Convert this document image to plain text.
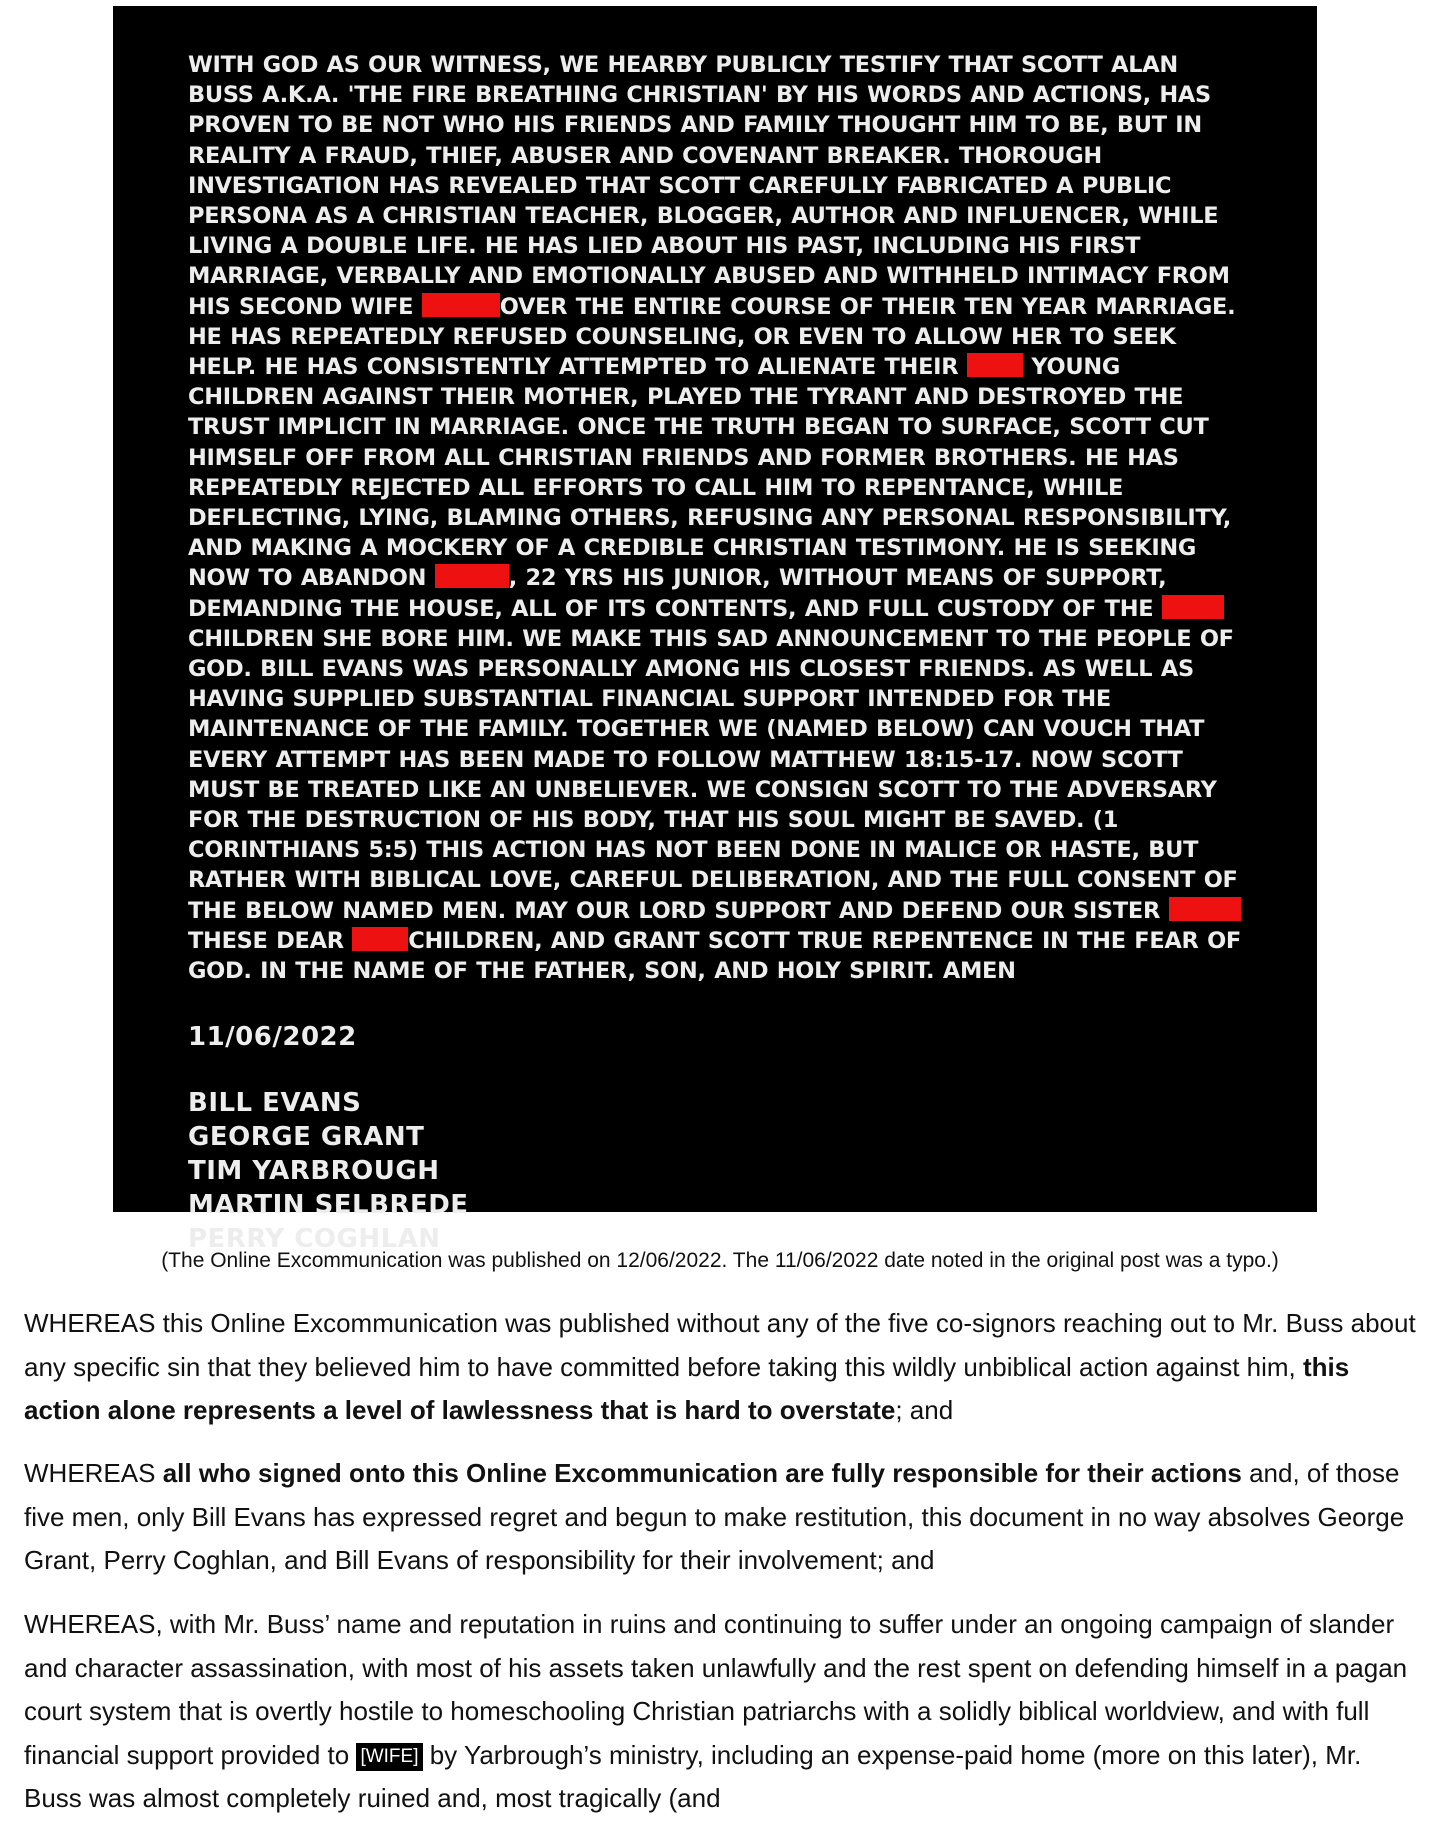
WITH GOD AS OUR WITNESS, WE HEARBY PUBLICLY TESTIFY THAT SCOTT ALAN BUSS A.K.A. 'THE FIRE BREATHING CHRISTIAN' BY HIS WORDS AND ACTIONS, HAS PROVEN TO BE NOT WHO HIS FRIENDS AND FAMILY THOUGHT HIM TO BE, BUT IN REALITY A FRAUD, THIEF, ABUSER AND COVENANT BREAKER. THOROUGH INVESTIGATION HAS REVEALED THAT SCOTT CAREFULLY FABRICATED A PUBLIC PERSONA AS A CHRISTIAN TEACHER, BLOGGER, AUTHOR AND INFLUENCER, WHILE LIVING A DOUBLE LIFE. HE HAS LIED ABOUT HIS PAST, INCLUDING HIS FIRST MARRIAGE, VERBALLY AND EMOTIONALLY ABUSED AND WITHHELD INTIMACY FROM HIS SECOND WIFE	OVER THE ENTIRE COURSE OF THEIR TEN YEAR MARRIAGE. HE HAS REPEATEDLY REFUSED COUNSELING, OR EVEN TO ALLOW HER TO SEEK HELP. HE HAS CONSISTENTLY ATTEMPTED TO ALIENATE THEIR	YOUNG CHILDREN AGAINST THEIR MOTHER, PLAYED THE TYRANT AND DESTROYED THE TRUST IMPLICIT IN MARRIAGE. ONCE THE TRUTH BEGAN TO SURFACE, SCOTT CUT HIMSELF OFF FROM ALL CHRISTIAN FRIENDS AND FORMER BROTHERS. HE HAS REPEATEDLY REJECTED ALL EFFORTS TO CALL HIM TO REPENTANCE, WHILE DEFLECTING, LYING, BLAMING OTHERS, REFUSING ANY PERSONAL RESPONSIBILITY, AND MAKING A MOCKERY OF A CREDIBLE CHRISTIAN TESTIMONY. HE IS SEEKING NOW TO ABANDON	, 22 YRS HIS JUNIOR, WITHOUT MEANS OF SUPPORT, DEMANDING THE HOUSE, ALL OF ITS CONTENTS, AND FULL CUSTODY OF THE CHILDREN SHE BORE HIM. WE MAKE THIS SAD ANNOUNCEMENT TO THE PEOPLE OF GOD. BILL EVANS WAS PERSONALLY AMONG HIS CLOSEST FRIENDS. AS WELL AS HAVING SUPPLIED SUBSTANTIAL FINANCIAL SUPPORT INTENDED FOR THE MAINTENANCE OF THE FAMILY. TOGETHER WE (NAMED BELOW) CAN VOUCH THAT EVERY ATTEMPT HAS BEEN MADE TO FOLLOW MATTHEW 18:15-17. NOW SCOTT MUST BE TREATED LIKE AN UNBELIEVER. WE CONSIGN SCOTT TO THE ADVERSARY FOR THE DESTRUCTION OF HIS BODY, THAT HIS SOUL MIGHT BE SAVED. (1 CORINTHIANS 5:5) THIS ACTION HAS NOT BEEN DONE IN MALICE OR HASTE, BUT RATHER WITH BIBLICAL LOVE, CAREFUL DELIBERATION, AND THE FULL CONSENT OF THE BELOW NAMED MEN. MAY OUR LORD SUPPORT AND DEFEND OUR SISTER  THESE DEAR CHILDREN, AND GRANT SCOTT TRUE REPENTENCE IN THE FEAR OF GOD. IN THE NAME OF THE FATHER, SON, AND HOLY SPIRIT. AMEN
11/06/2022
BILL EVANS
GEORGE GRANT
TIM YARBROUGH
MARTIN SELBREDE
PERRY COGHLAN
(The Online Excommunication was published on 12/06/2022. The 11/06/2022 date noted in the original post was a typo.)
WHEREAS this Online Excommunication was published without any of the five co-signors reaching out to Mr. Buss about any specific sin that they believed him to have committed before taking this wildly unbiblical action against him, this action alone represents a level of lawlessness that is hard to overstate; and
WHEREAS all who signed onto this Online Excommunication are fully responsible for their actions and, of those five men, only Bill Evans has expressed regret and begun to make restitution, this document in no way absolves George Grant, Perry Coghlan, and Bill Evans of responsibility for their involvement; and
WHEREAS, with Mr. Buss’ name and reputation in ruins and continuing to suffer under an ongoing campaign of slander and character assassination, with most of his assets taken unlawfully and the rest spent on defending himself in a pagan court system that is overtly hostile to homeschooling Christian patriarchs with a solidly biblical worldview, and with full financial support provided to [WIFE] by Yarbrough’s ministry, including an expense-paid home (more on this later), Mr. Buss was almost completely ruined and, most tragically (and
